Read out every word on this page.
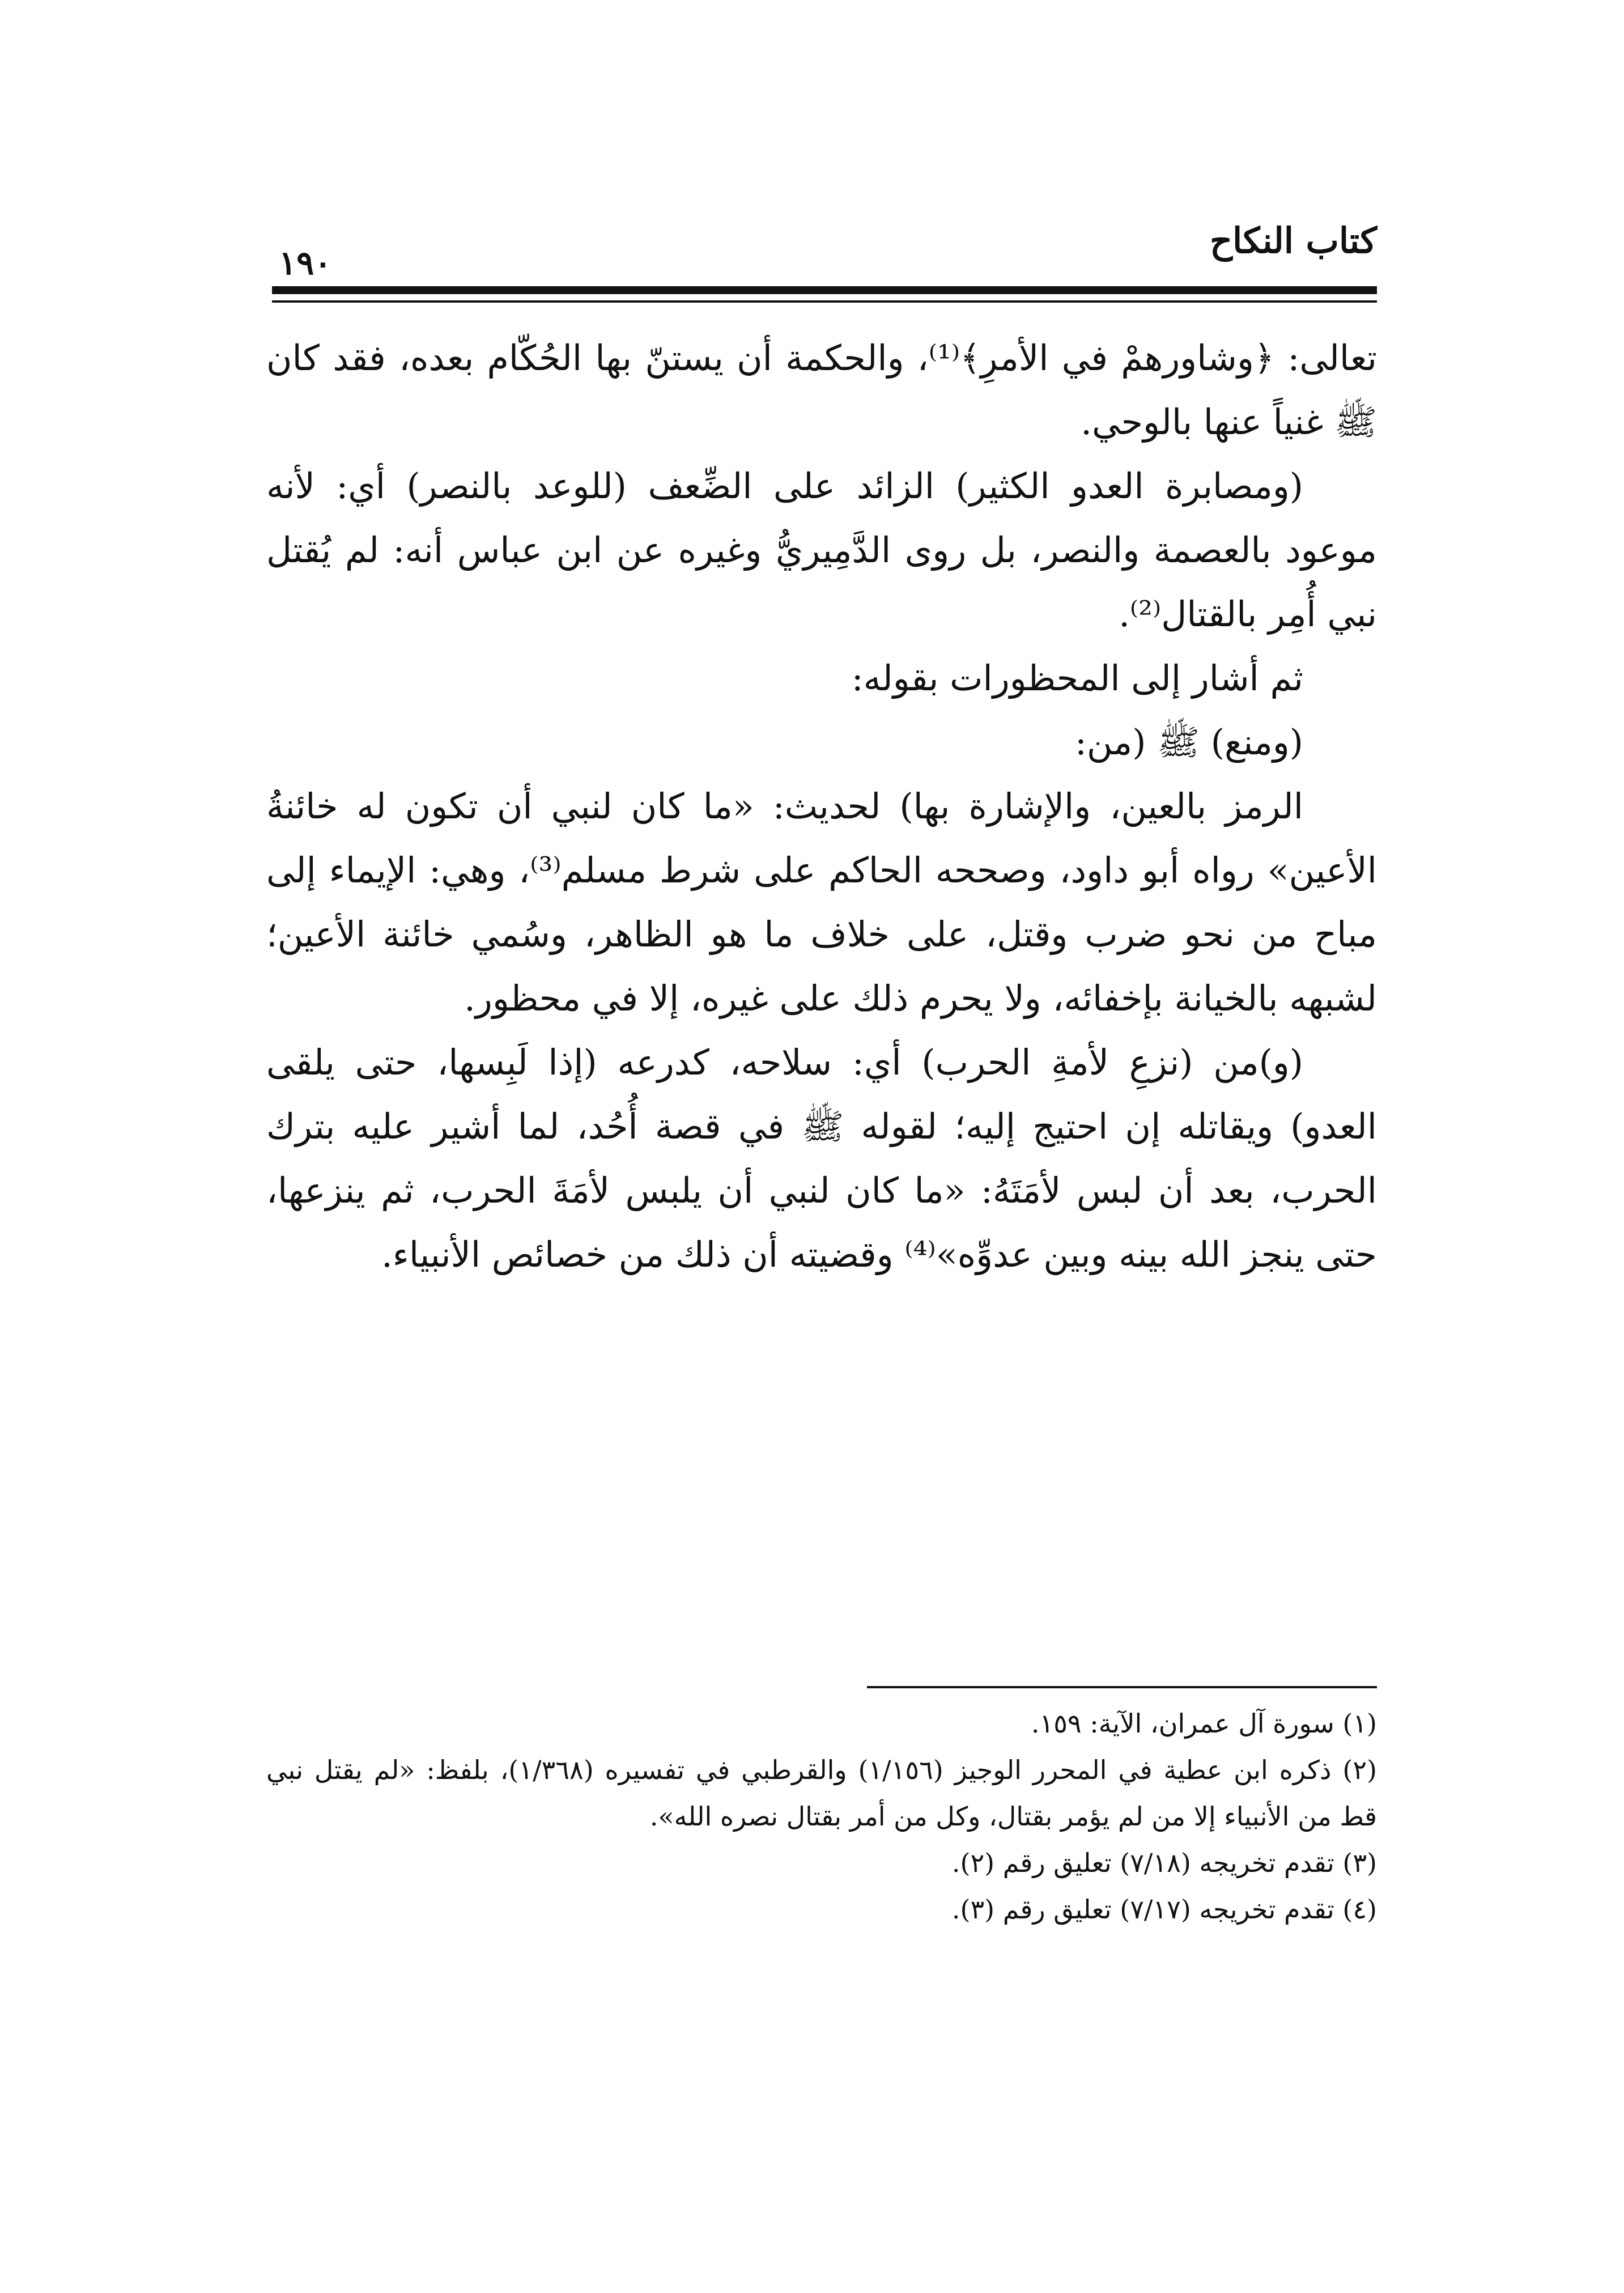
كتاب النكاح
١٩٠

تعالى: ﴿وشاورهمْ في الأمرِ﴾⁽¹⁾، والحكمة أن يستنّ بها الحُكّام بعده، فقد كان ﷺ غنياً عنها بالوحي.

(ومصابرة العدو الكثير) الزائد على الضِّعف (للوعد بالنصر) أي: لأنه موعود بالعصمة والنصر، بل روى الدَّمِيريُّ وغيره عن ابن عباس أنه: لم يُقتل نبي أُمِر بالقتال⁽²⁾.

ثم أشار إلى المحظورات بقوله:

(ومنع) ﷺ (من:

الرمز بالعين، والإشارة بها) لحديث: «ما كان لنبي أن تكون له خائنةُ الأعين» رواه أبو داود، وصححه الحاكم على شرط مسلم⁽³⁾، وهي: الإيماء إلى مباح من نحو ضرب وقتل، على خلاف ما هو الظاهر، وسُمي خائنة الأعين؛ لشبهه بالخيانة بإخفائه، ولا يحرم ذلك على غيره، إلا في محظور.

(و)من (نزعِ لأمةِ الحرب) أي: سلاحه، كدرعه (إذا لَبِسها، حتى يلقى العدو) ويقاتله إن احتيج إليه؛ لقوله ﷺ في قصة أُحُد، لما أشير عليه بترك الحرب، بعد أن لبس لأمَتَهُ: «ما كان لنبي أن يلبس لأمَةَ الحرب، ثم ينزعها، حتى ينجز الله بينه وبين عدوِّه»⁽⁴⁾ وقضيته أن ذلك من خصائص الأنبياء.

(١) سورة آل عمران، الآية: ١٥٩.

(٢) ذكره ابن عطية في المحرر الوجيز (١/١٥٦) والقرطبي في تفسيره (١/٣٦٨)، بلفظ: «لم يقتل نبي قط من الأنبياء إلا من لم يؤمر بقتال، وكل من أمر بقتال نصره الله».

(٣) تقدم تخريجه (٧/١٨) تعليق رقم (٢).

(٤) تقدم تخريجه (٧/١٧) تعليق رقم (٣).
